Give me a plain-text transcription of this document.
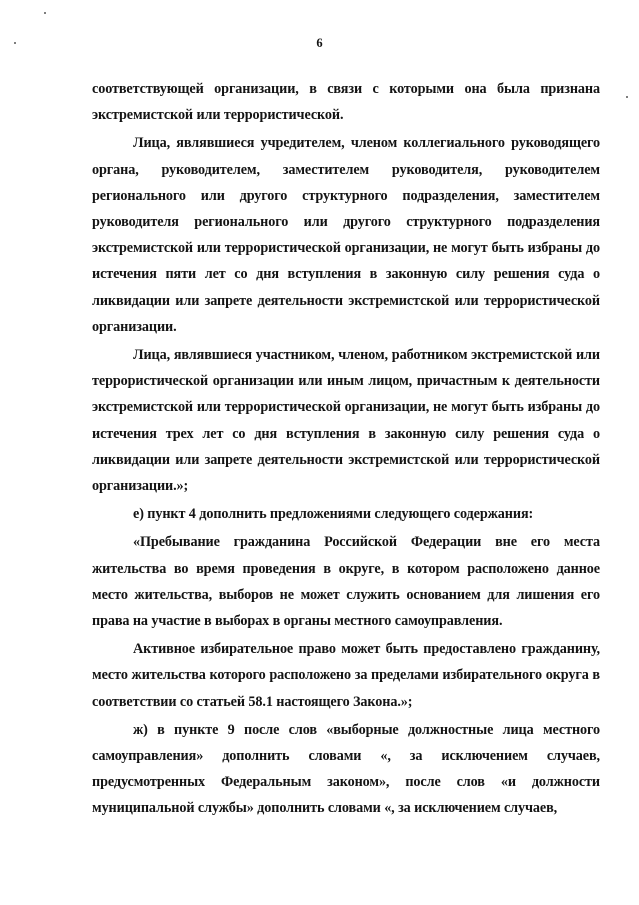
6

соответствующей организации, в связи с которыми она была признана экстремистской или террористической.

Лица, являвшиеся учредителем, членом коллегиального руководящего органа, руководителем, заместителем руководителя, руководителем регионального или другого структурного подразделения, заместителем руководителя регионального или другого структурного подразделения экстремистской или террористической организации, не могут быть избраны до истечения пяти лет со дня вступления в законную силу решения суда о ликвидации или запрете деятельности экстремистской или террористической организации.

Лица, являвшиеся участником, членом, работником экстремистской или террористической организации или иным лицом, причастным к деятельности экстремистской или террористической организации, не могут быть избраны до истечения трех лет со дня вступления в законную силу решения суда о ликвидации или запрете деятельности экстремистской или террористической организации.»;

е) пункт 4 дополнить предложениями следующего содержания:

«Пребывание гражданина Российской Федерации вне его места жительства во время проведения в округе, в котором расположено данное место жительства, выборов не может служить основанием для лишения его права на участие в выборах в органы местного самоуправления.

Активное избирательное право может быть предоставлено гражданину, место жительства которого расположено за пределами избирательного округа в соответствии со статьей 58.1 настоящего Закона.»;

ж) в пункте 9 после слов «выборные должностные лица местного самоуправления» дополнить словами «, за исключением случаев, предусмотренных Федеральным законом», после слов «и должности муниципальной службы» дополнить словами «, за исключением случаев,
